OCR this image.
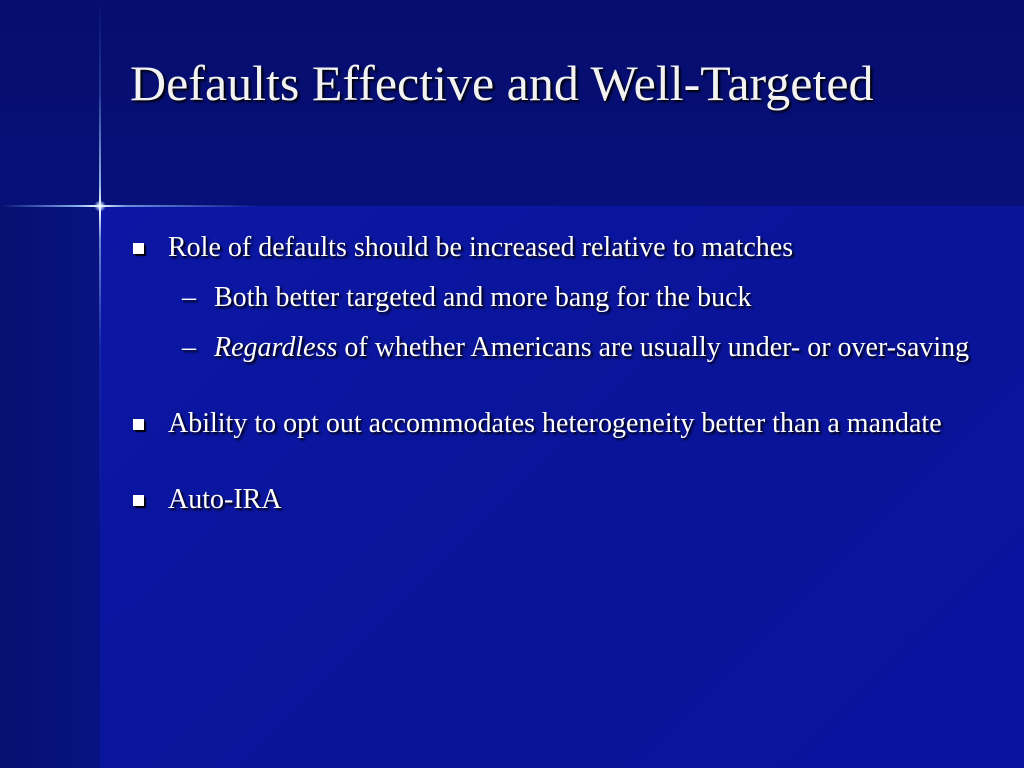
Defaults Effective and Well-Targeted
Role of defaults should be increased relative to matches
– Both better targeted and more bang for the buck
– Regardless of whether Americans are usually under- or over-saving
Ability to opt out accommodates heterogeneity better than a mandate
Auto-IRA
